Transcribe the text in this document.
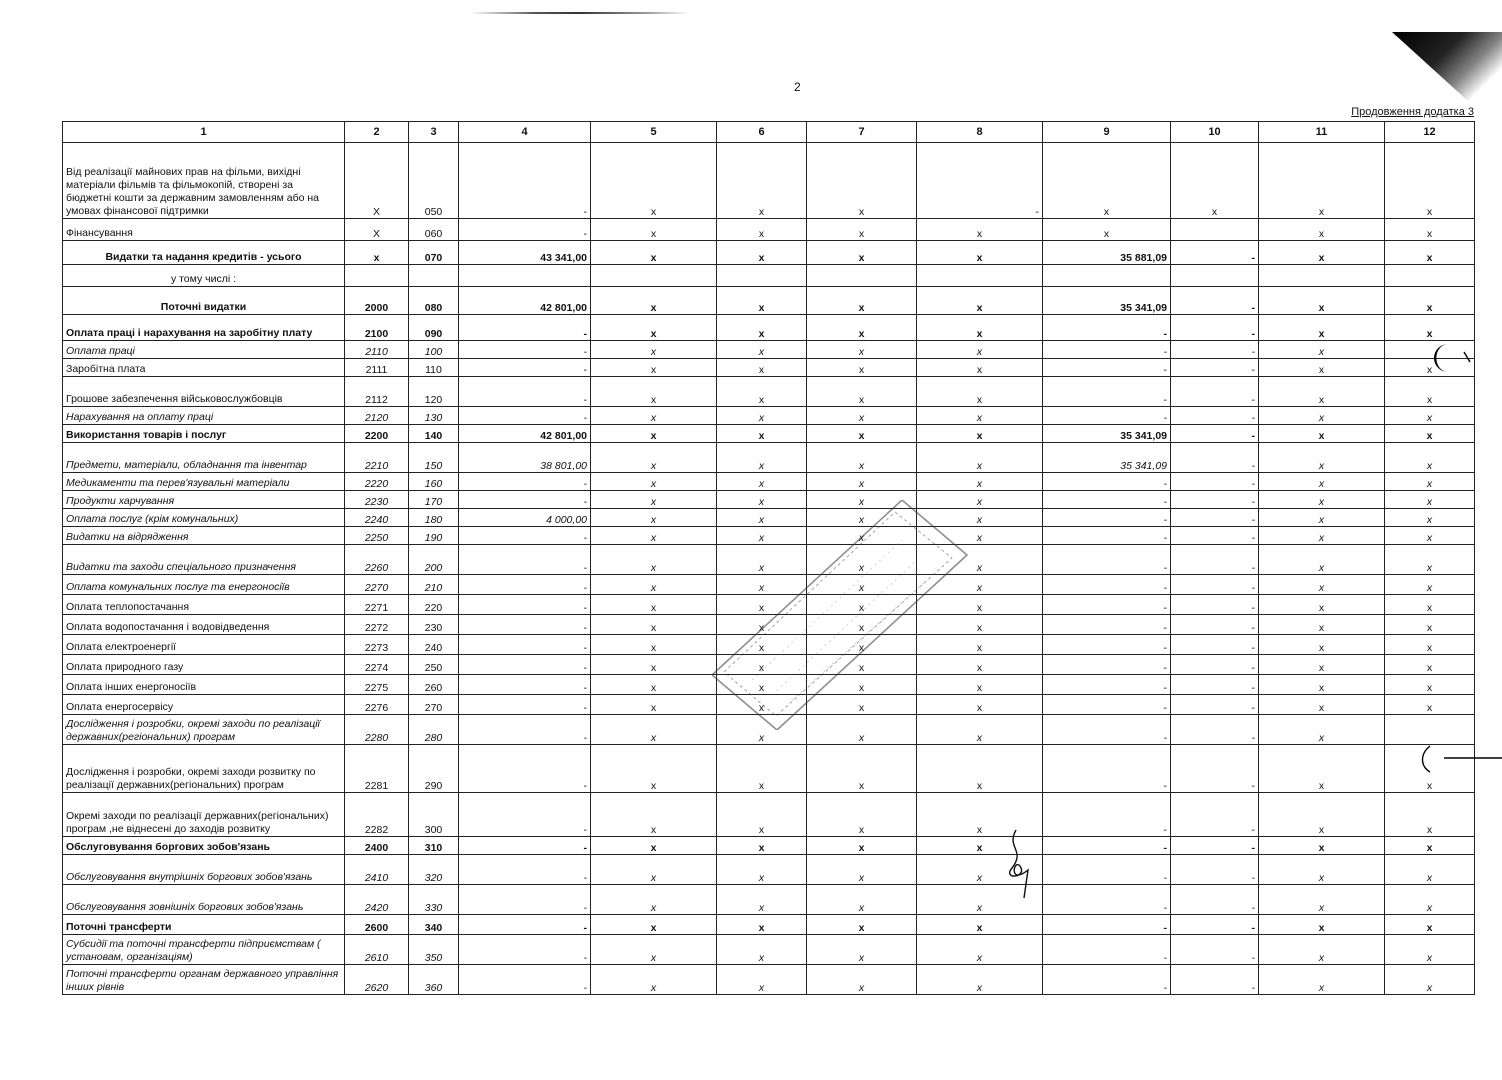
2
Продовження додатка 3
1	2	3	4	5	6	7	8	9	10	11	12
Від реалізації майнових прав на фільми, вихідні матеріали фільмів та фільмокопій, створені за бюджетні кошти за державним замовленням або на умовах фінансової підтримки	X	050	-	x	x	x	-	x	x	x	x
Фінансування	X	060	-	x	x	x	x	x		x	x
Видатки та надання кредитів - усього	x	070	43 341,00	x	x	x	x	35 881,09	-	x	x
у тому числі :											
Поточні видатки	2000	080	42 801,00	x	x	x	x	35 341,09	-	x	x
Оплата праці і нарахування на заробітну плату	2100	090	-	x	x	x	x	-	-	x	x
Оплата праці	2110	100	-	x	x	x	x	-	-	x	
Заробітна плата	2111	110	-	x	x	x	x	-	-	x	x
Грошове забезпечення військовослужбовців	2112	120	-	x	x	x	x	-	-	x	x
Нарахування на оплату праці	2120	130	-	x	x	x	x	-	-	x	x
Використання товарів і послуг	2200	140	42 801,00	x	x	x	x	35 341,09	-	x	x
Предмети, матеріали, обладнання та інвентар	2210	150	38 801,00	x	x	x	x	35 341,09	-	x	x
Медикаменти та перев'язувальні матеріали	2220	160	-	x	x	x	x	-	-	x	x
Продукти харчування	2230	170	-	x	x	x	x	-	-	x	x
Оплата послуг (крім комунальних)	2240	180	4 000,00	x	x	x	x	-	-	x	x
Видатки на відрядження	2250	190	-	x	x	x	x	-	-	x	x
Видатки та заходи спеціального призначення	2260	200	-	x	x	x	x	-	-	x	x
Оплата комунальних послуг та енергоносіїв	2270	210	-	x	x	x	x	-	-	x	x
Оплата теплопостачання	2271	220	-	x	x	x	x	-	-	x	x
Оплата водопостачання і водовідведення	2272	230	-	x	x	x	x	-	-	x	x
Оплата електроенергії	2273	240	-	x	x	x	x	-	-	x	x
Оплата природного газу	2274	250	-	x	x	x	x	-	-	x	x
Оплата інших енергоносіїв	2275	260	-	x	x	x	x	-	-	x	x
Оплата енергосервісу	2276	270	-	x	x	x	x	-	-	x	x
Дослідження і розробки, окремі заходи по реалізації державних(регіональних) програм	2280	280	-	x	x	x	x	-	-	x	
Дослідження і розробки, окремі заходи розвитку по реалізації державних(регіональних) програм	2281	290	-	x	x	x	x	-	-	x	x
Окремі заходи по реалізації державних(регіональних) програм ,не віднесені до заходів розвитку	2282	300	-	x	x	x	x	-	-	x	x
Обслуговування боргових зобов'язань	2400	310	-	x	x	x	x	-	-	x	x
Обслуговування внутрішніх боргових зобов'язань	2410	320	-	x	x	x	x	-	-	x	x
Обслуговування зовнішніх боргових зобов'язань	2420	330	-	x	x	x	x	-	-	x	x
Поточні трансферти	2600	340	-	x	x	x	x	-	-	x	x
Субсидії та поточні трансферти підприємствам ( установам, організаціям)	2610	350	-	x	x	x	x	-	-	x	x
Поточні трансферти органам державного управління інших рівнів	2620	360	-	x	x	x	x	-	-	x	x
